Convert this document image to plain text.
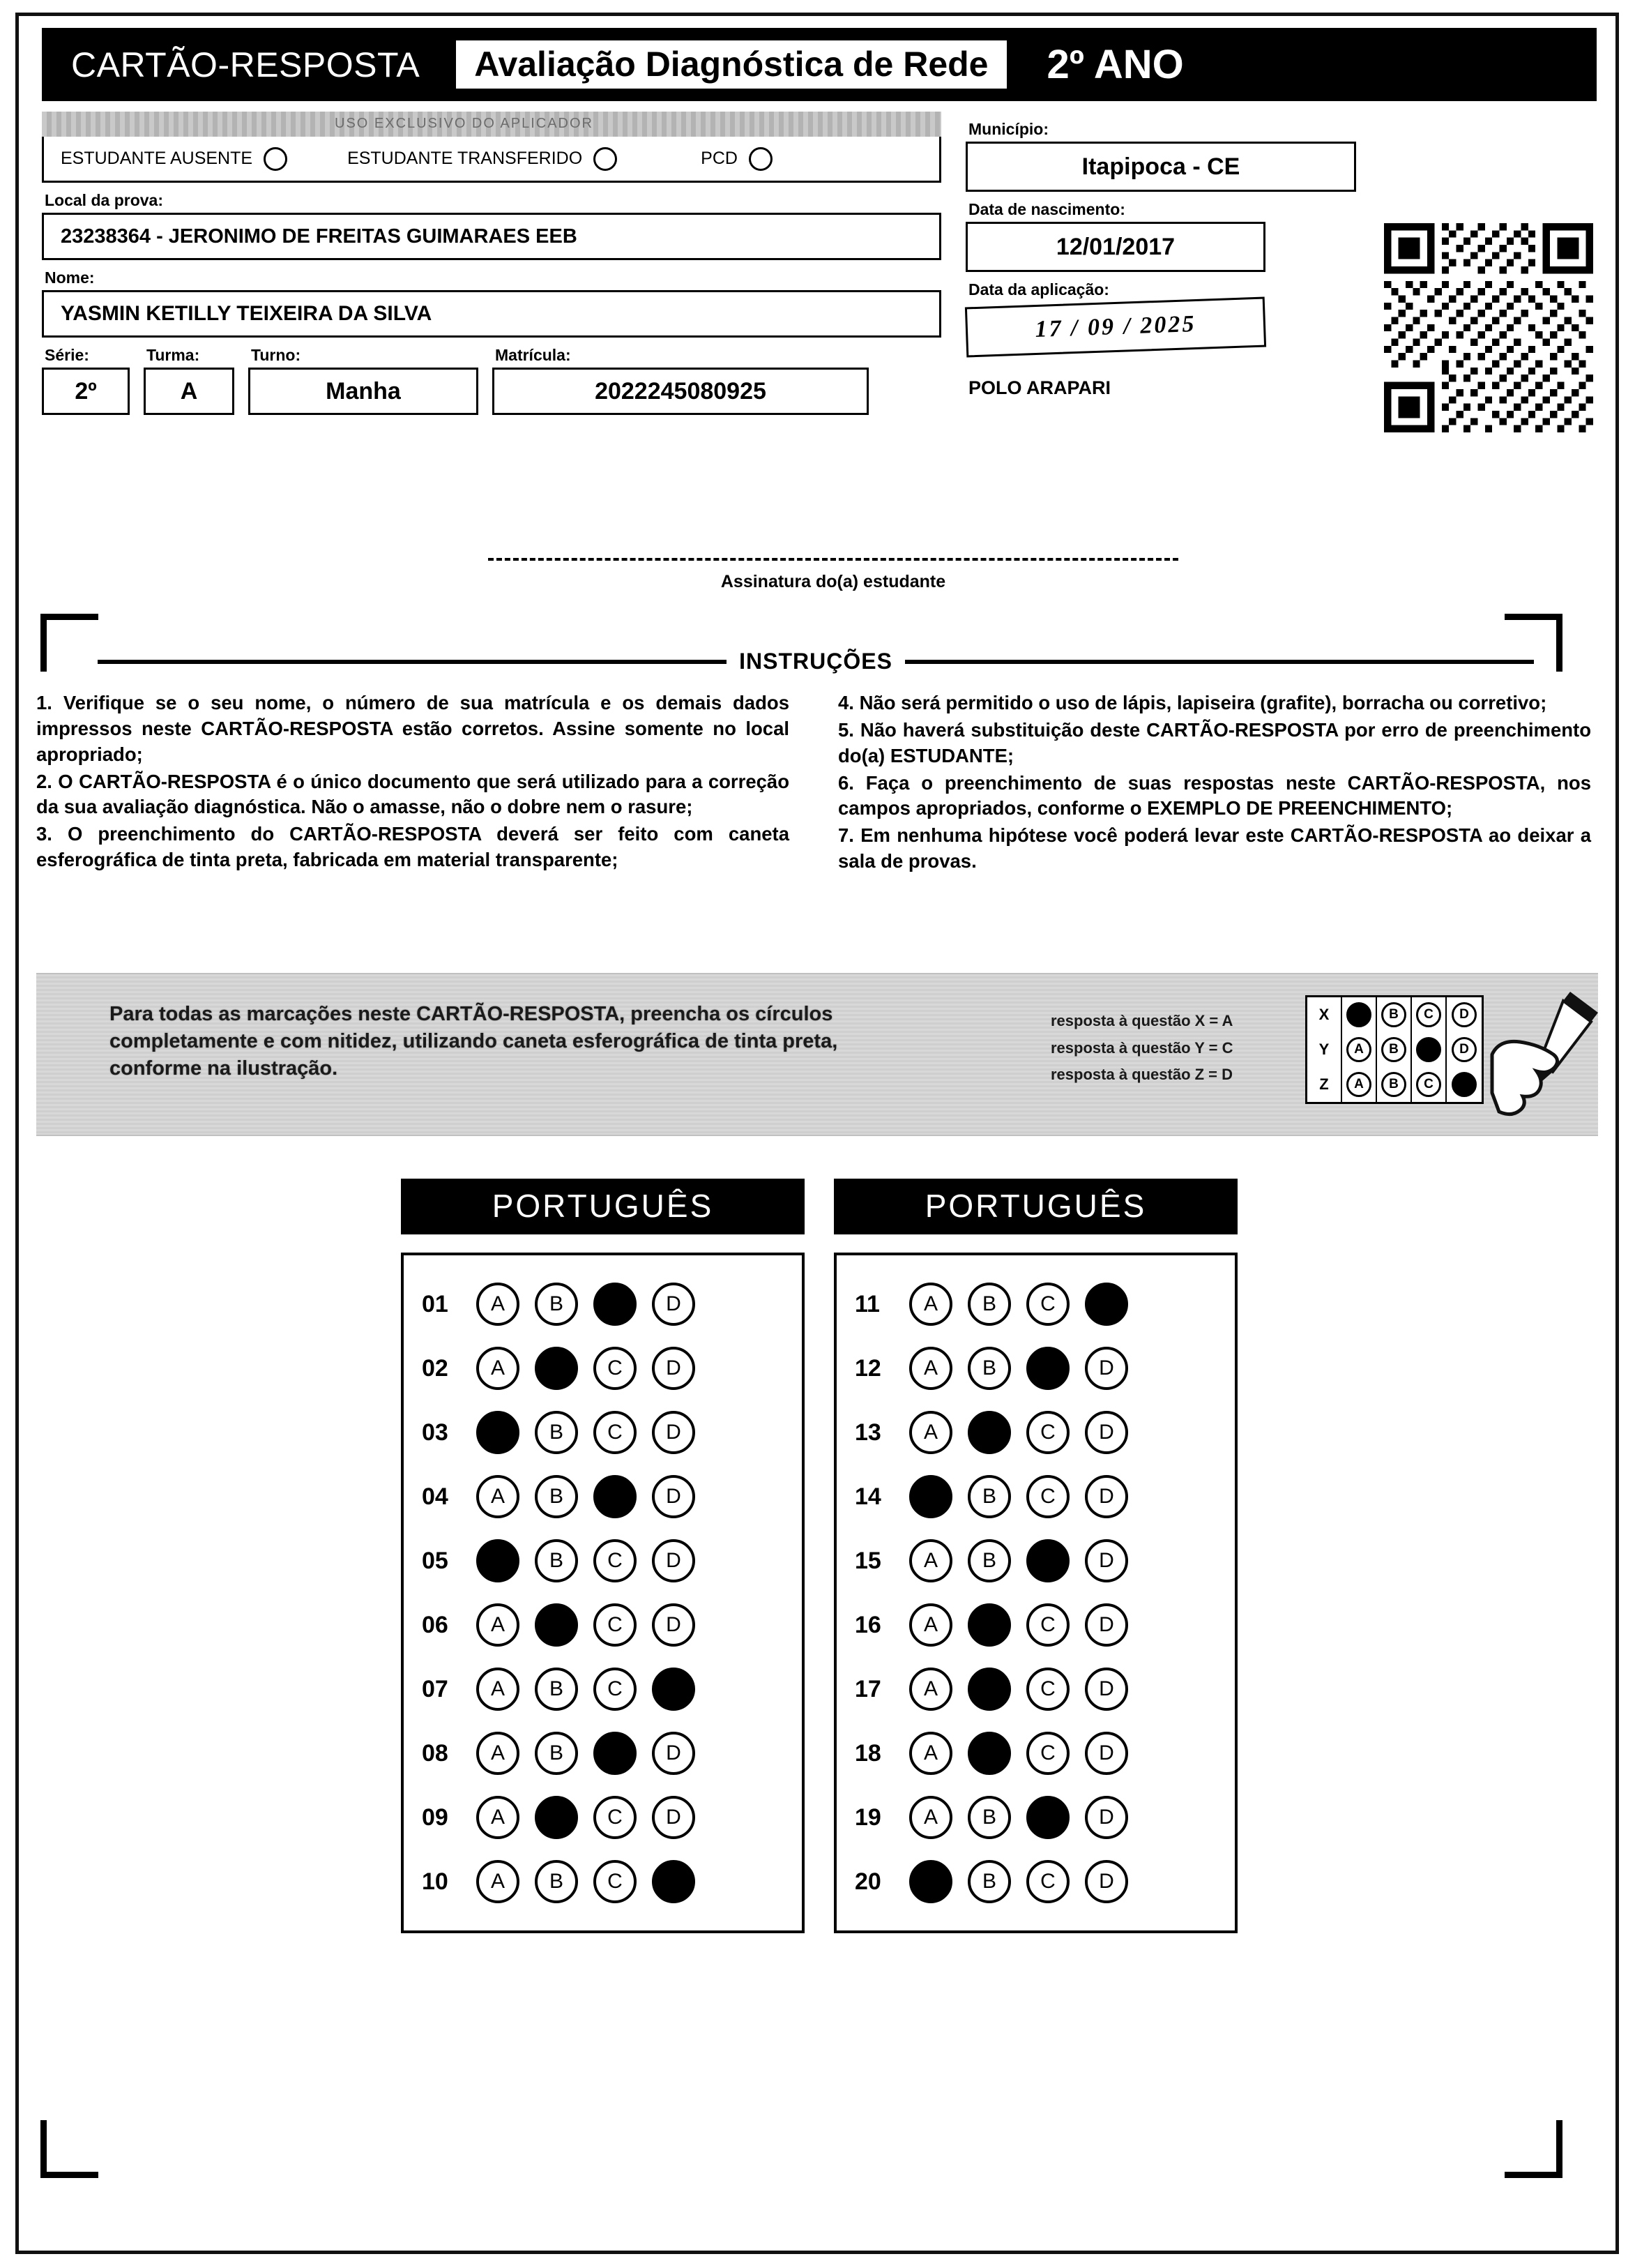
CARTÃO-RESPOSTA	Avaliação Diagnóstica de Rede	2º ANO
USO EXCLUSIVO DO APLICADOR
ESTUDANTE AUSENTE	ESTUDANTE TRANSFERIDO	PCD
Local da prova:
23238364 - JERONIMO DE FREITAS GUIMARAES EEB
Nome:
YASMIN KETILLY TEIXEIRA DA SILVA
Série:
2º
Turma:
A
Turno:
Manha
Matrícula:
2022245080925
Município:
Itapipoca - CE
Data de nascimento:
12/01/2017
Data da aplicação:
17 / 09 / 2025
POLO ARAPARI
Assinatura do(a) estudante
INSTRUÇÕES

1. Verifique se o seu nome, o número de sua matrícula e os demais dados impressos neste CARTÃO-RESPOSTA estão corretos. Assine somente no local apropriado;

2. O CARTÃO-RESPOSTA é o único documento que será utilizado para a correção da sua avaliação diagnóstica. Não o amasse, não o dobre nem o rasure;

3. O preenchimento do CARTÃO-RESPOSTA deverá ser feito com caneta esferográfica de tinta preta, fabricada em material transparente;

4. Não será permitido o uso de lápis, lapiseira (grafite), borracha ou corretivo;

5. Não haverá substituição deste CARTÃO-RESPOSTA por erro de preenchimento do(a) ESTUDANTE;

6. Faça o preenchimento de suas respostas neste CARTÃO-RESPOSTA, nos campos apropriados, conforme o EXEMPLO DE PREENCHIMENTO;

7. Em nenhuma hipótese você poderá levar este CARTÃO-RESPOSTA ao deixar a sala de provas.

Para todas as marcações neste CARTÃO-RESPOSTA, preencha os círculos completamente e com nitidez, utilizando caneta esferográfica de tinta preta, conforme na ilustração.
resposta à questão X = A
resposta à questão Y = C
resposta à questão Z = D
X	A	B	C	D
Y	A	B	C	D
Z	A	B	C	D
PORTUGUÊS
01	A	B	C	D
02	A	B	C	D
03	A	B	C	D
04	A	B	C	D
05	A	B	C	D
06	A	B	C	D
07	A	B	C	D
08	A	B	C	D
09	A	B	C	D
10	A	B	C	D
PORTUGUÊS
11	A	B	C	D
12	A	B	C	D
13	A	B	C	D
14	A	B	C	D
15	A	B	C	D
16	A	B	C	D
17	A	B	C	D
18	A	B	C	D
19	A	B	C	D
20	A	B	C	D
